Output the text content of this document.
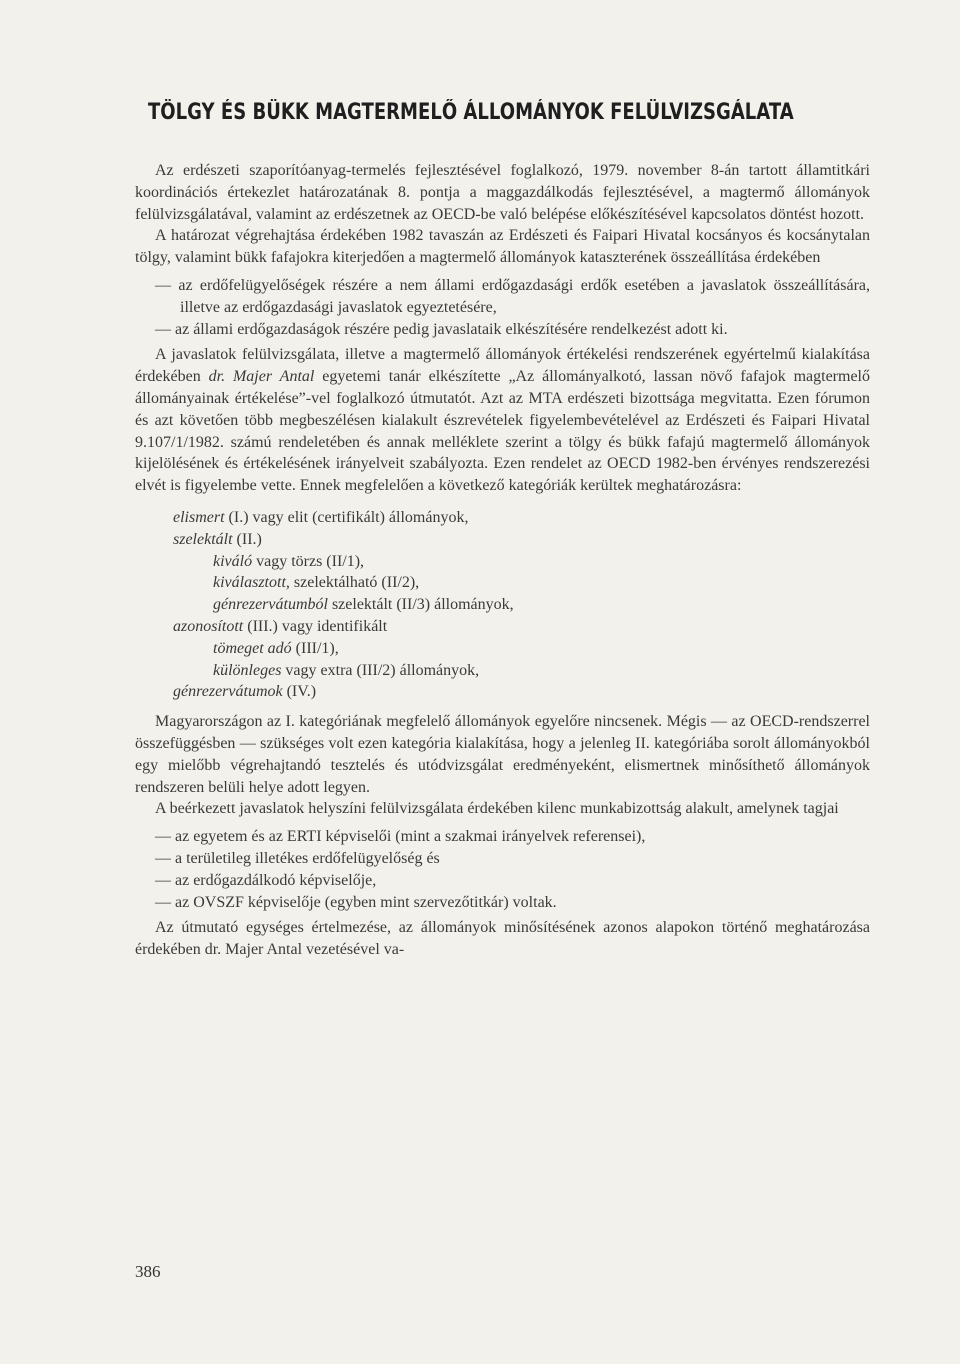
TÖLGY ÉS BÜKK MAGTERMELŐ ÁLLOMÁNYOK FELÜLVIZSGÁLATA

Az erdészeti szaporítóanyag-termelés fejlesztésével foglalkozó, 1979. november 8-án tartott államtitkári koordinációs értekezlet határozatának 8. pontja a maggazdálkodás fejlesztésével, a magtermő állományok felülvizsgálatával, valamint az erdészetnek az OECD-be való belépése előkészítésével kapcsolatos döntést hozott.

A határozat végrehajtása érdekében 1982 tavaszán az Erdészeti és Faipari Hivatal kocsányos és kocsánytalan tölgy, valamint bükk fafajokra kiterjedően a magtermelő állományok kataszterének összeállítása érdekében

— az erdőfelügyelőségek részére a nem állami erdőgazdasági erdők esetében a javaslatok összeállítására, illetve az erdőgazdasági javaslatok egyeztetésére,

— az állami erdőgazdaságok részére pedig javaslataik elkészítésére rendelkezést adott ki.

A javaslatok felülvizsgálata, illetve a magtermelő állományok értékelési rendszerének egyértelmű kialakítása érdekében dr. Majer Antal egyetemi tanár elkészítette „Az állományalkotó, lassan növő fafajok magtermelő állományainak értékelése”-vel foglalkozó útmutatót. Azt az MTA erdészeti bizottsága megvitatta. Ezen fórumon és azt követően több megbeszélésen kialakult észrevételek figyelembevételével az Erdészeti és Faipari Hivatal 9.107/1/1982. számú rendeletében és annak melléklete szerint a tölgy és bükk fafajú magtermelő állományok kijelölésének és értékelésének irányelveit szabályozta. Ezen rendelet az OECD 1982-ben érvényes rendszerezési elvét is figyelembe vette. Ennek megfelelően a következő kategóriák kerültek meghatározásra:

elismert (I.) vagy elit (certifikált) állományok,
szelektált (II.)
kiváló vagy törzs (II/1),
kiválasztott, szelektálható (II/2),
génrezervátumból szelektált (II/3) állományok,
azonosított (III.) vagy identifikált
tömeget adó (III/1),
különleges vagy extra (III/2) állományok,
génrezervátumok (IV.)

Magyarországon az I. kategóriának megfelelő állományok egyelőre nincsenek. Mégis — az OECD-rendszerrel összefüggésben — szükséges volt ezen kategória kialakítása, hogy a jelenleg II. kategóriába sorolt állományokból egy mielőbb végrehajtandó tesztelés és utódvizsgálat eredményeként, elismertnek minősíthető állományok rendszeren belüli helye adott legyen.

A beérkezett javaslatok helyszíni felülvizsgálata érdekében kilenc munkabizottság alakult, amelynek tagjai

— az egyetem és az ERTI képviselői (mint a szakmai irányelvek referensei),

— a területileg illetékes erdőfelügyelőség és

— az erdőgazdálkodó képviselője,

— az OVSZF képviselője (egyben mint szervezőtitkár) voltak.

Az útmutató egységes értelmezése, az állományok minősítésének azonos alapokon történő meghatározása érdekében dr. Majer Antal vezetésével va-

386
